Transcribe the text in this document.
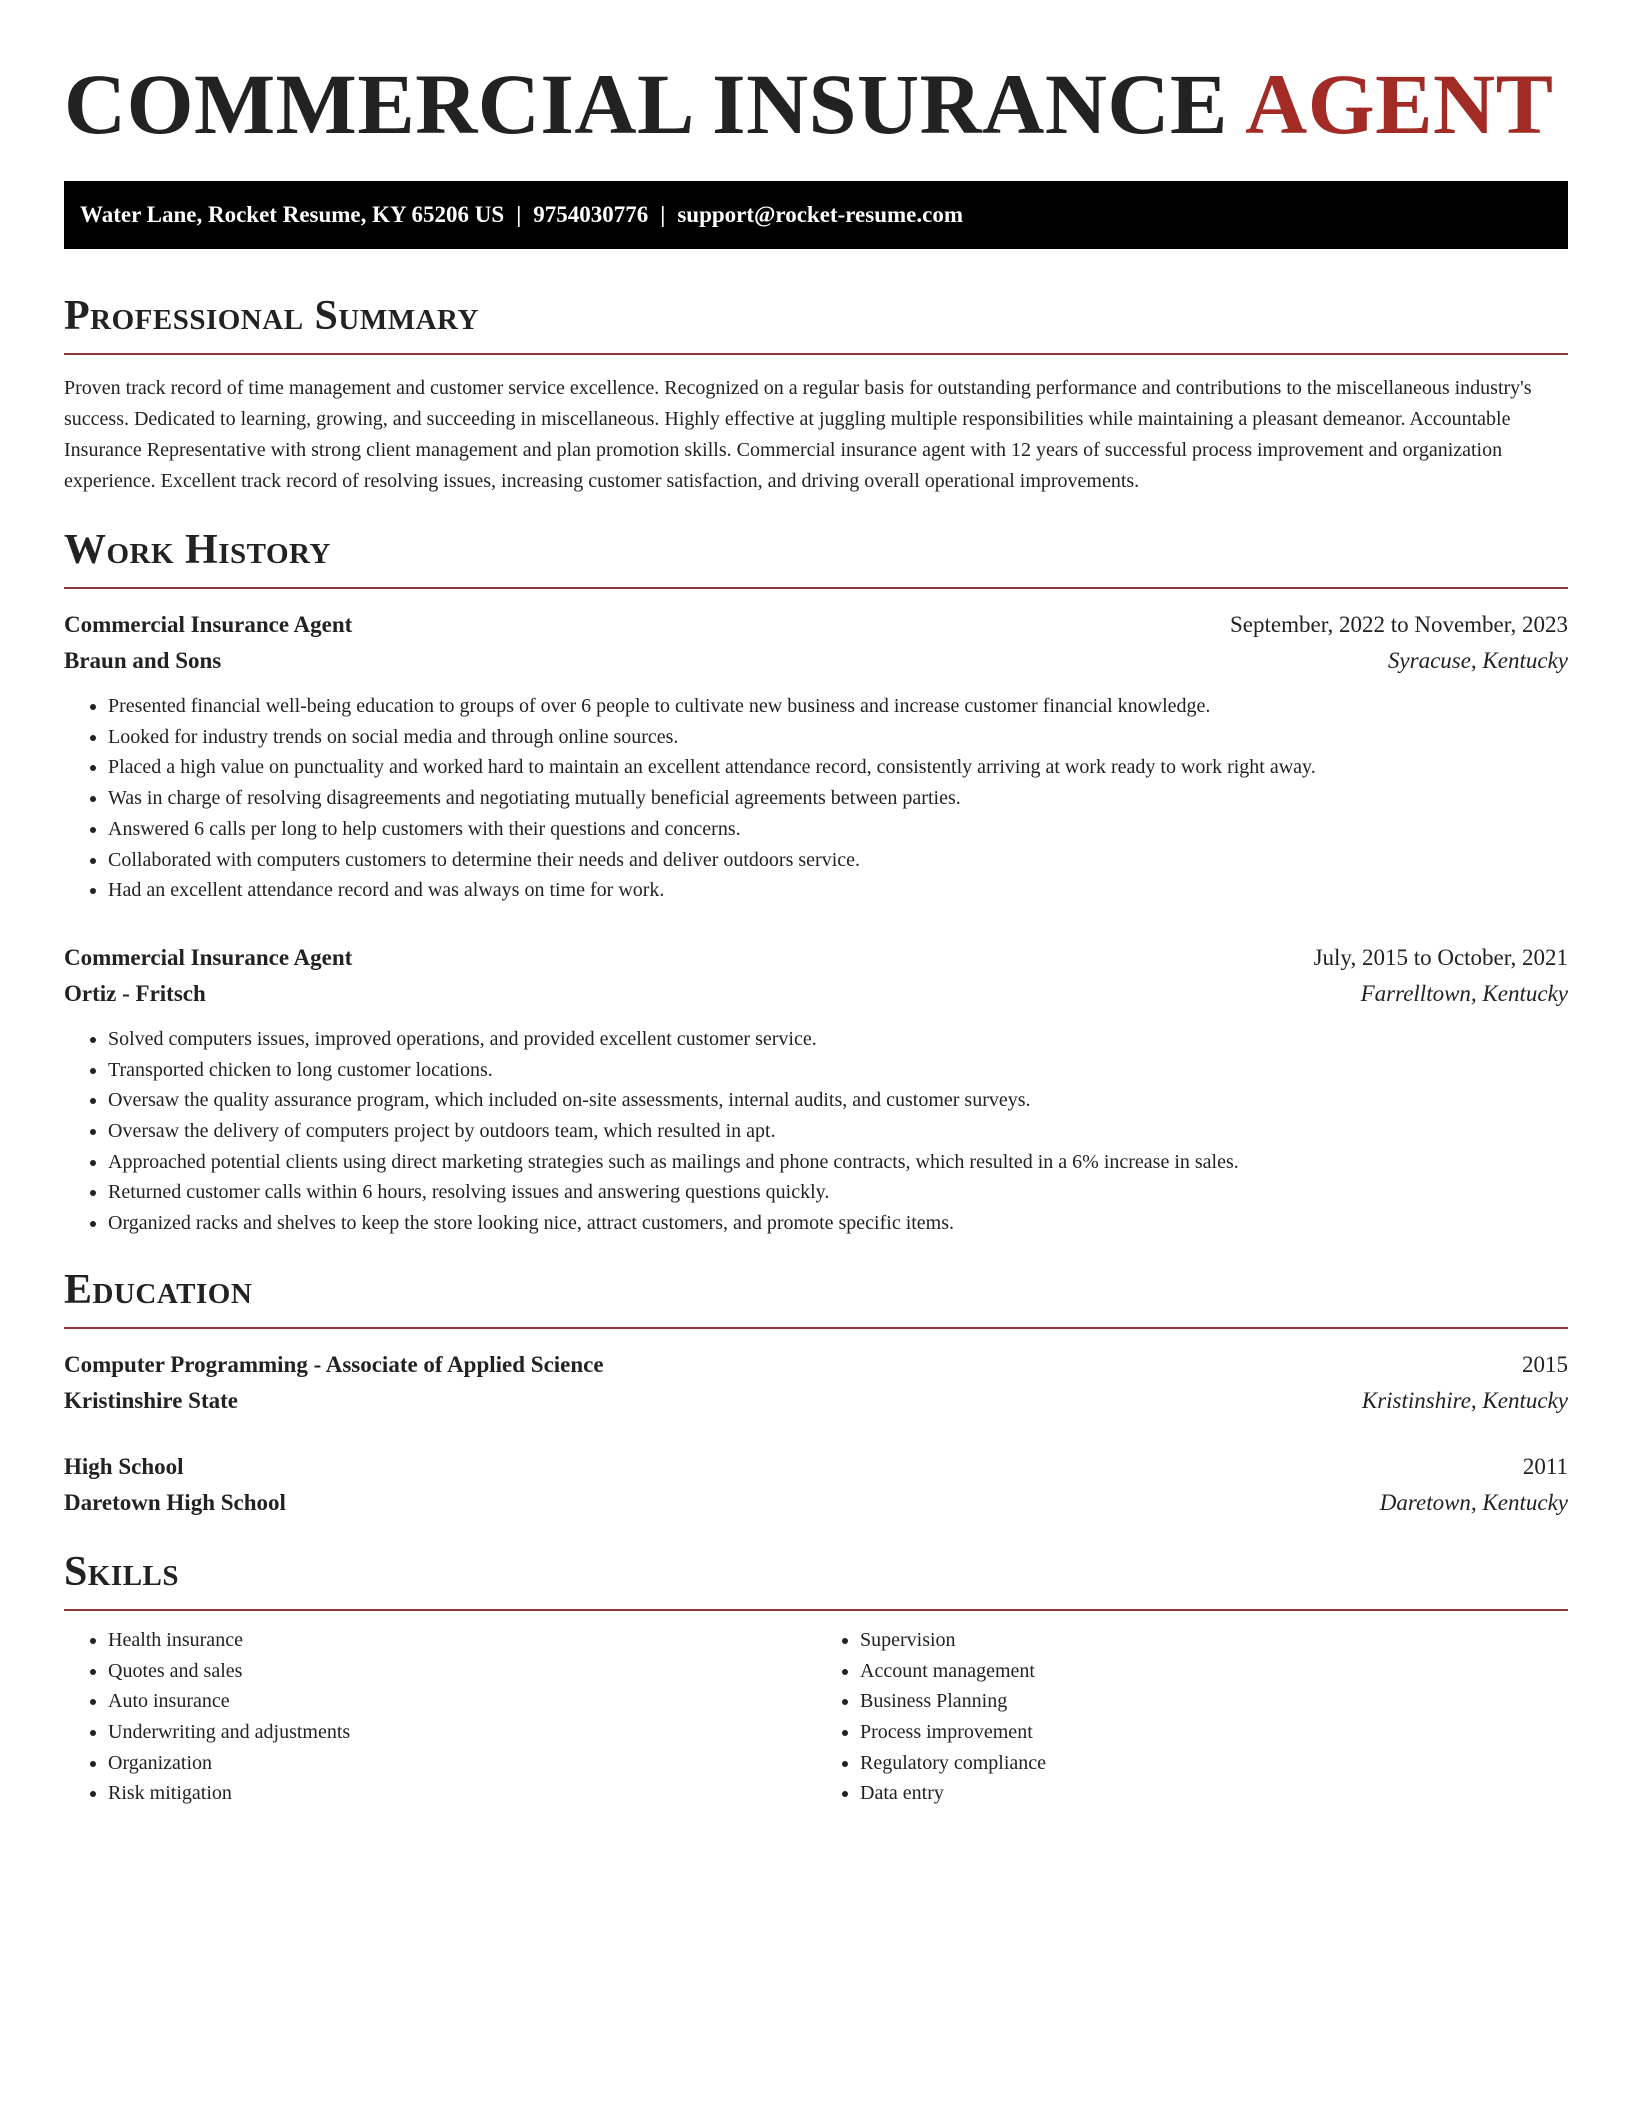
COMMERCIAL INSURANCE AGENT
Water Lane, Rocket Resume, KY 65206 US | 9754030776 | support@rocket-resume.com
Professional Summary

Proven track record of time management and customer service excellence. Recognized on a regular basis for outstanding performance and contributions to the miscellaneous industry's success. Dedicated to learning, growing, and succeeding in miscellaneous. Highly effective at juggling multiple responsibilities while maintaining a pleasant demeanor. Accountable Insurance Representative with strong client management and plan promotion skills. Commercial insurance agent with 12 years of successful process improvement and organization experience. Excellent track record of resolving issues, increasing customer satisfaction, and driving overall operational improvements.

Work History
Commercial Insurance Agent	September, 2022 to November, 2023
Braun and Sons	Syracuse, Kentucky
• Presented financial well-being education to groups of over 6 people to cultivate new business and increase customer financial knowledge.
• Looked for industry trends on social media and through online sources.
• Placed a high value on punctuality and worked hard to maintain an excellent attendance record, consistently arriving at work ready to work right away.
• Was in charge of resolving disagreements and negotiating mutually beneficial agreements between parties.
• Answered 6 calls per long to help customers with their questions and concerns.
• Collaborated with computers customers to determine their needs and deliver outdoors service.
• Had an excellent attendance record and was always on time for work.
Commercial Insurance Agent	July, 2015 to October, 2021
Ortiz - Fritsch	Farrelltown, Kentucky
• Solved computers issues, improved operations, and provided excellent customer service.
• Transported chicken to long customer locations.
• Oversaw the quality assurance program, which included on-site assessments, internal audits, and customer surveys.
• Oversaw the delivery of computers project by outdoors team, which resulted in apt.
• Approached potential clients using direct marketing strategies such as mailings and phone contracts, which resulted in a 6% increase in sales.
• Returned customer calls within 6 hours, resolving issues and answering questions quickly.
• Organized racks and shelves to keep the store looking nice, attract customers, and promote specific items.
Education
Computer Programming - Associate of Applied Science	2015
Kristinshire State	Kristinshire, Kentucky
High School	2011
Daretown High School	Daretown, Kentucky
Skills
• Health insurance
• Quotes and sales
• Auto insurance
• Underwriting and adjustments
• Organization
• Risk mitigation
• Supervision
• Account management
• Business Planning
• Process improvement
• Regulatory compliance
• Data entry
